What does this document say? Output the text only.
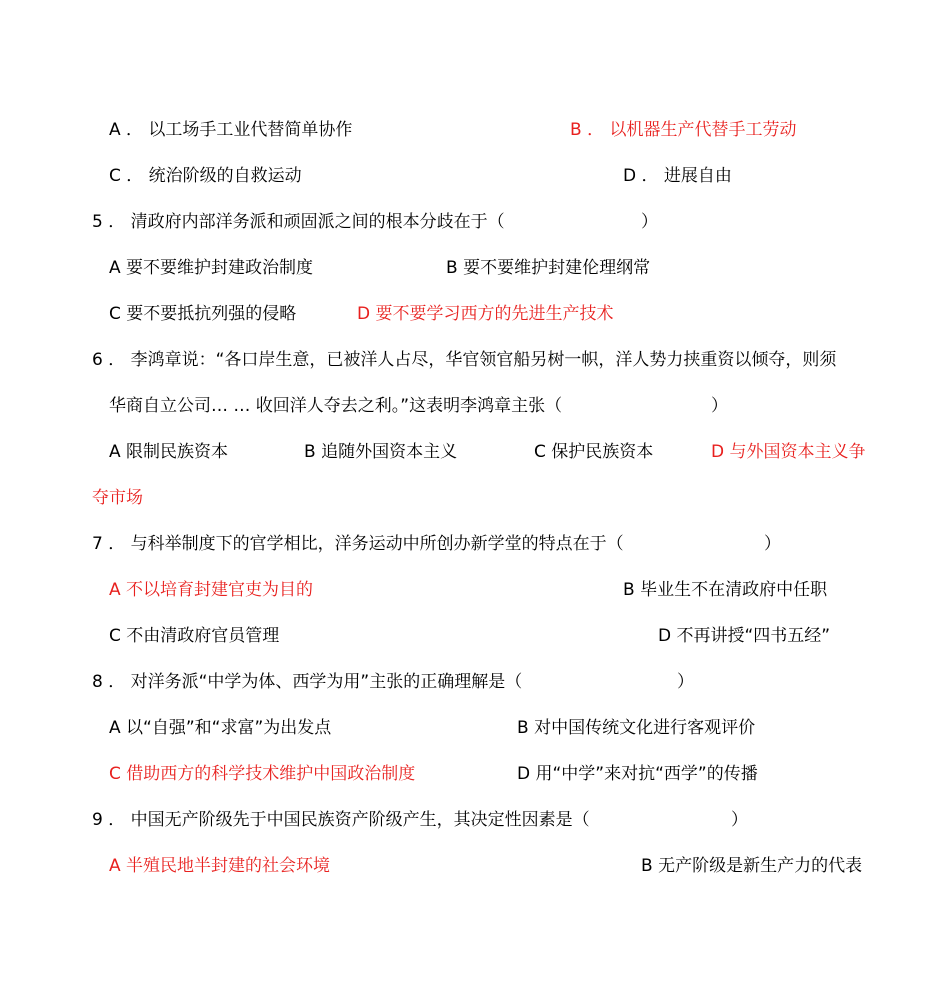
A ． 以工场手工业代替简单协作	B ． 以机器生产代替手工劳动
C ． 统治阶级的自救运动	D ． 进展自由
5 ． 清政府内部洋务派和顽固派之间的根本分歧在于（	）
A 要不要维护封建政治制度	B 要不要维护封建伦理纲常
C 要不要抵抗列强的侵略	D 要不要学习西方的先进生产技术
6 ． 李鸿章说：“各口岸生意，已被洋人占尽，华官领官船另树一帜，洋人势力挟重资以倾夺，则须
华商自立公司… … 收回洋人夺去之利。”这表明李鸿章主张（	）
A 限制民族资本	B 追随外国资本主义	C 保护民族资本	D 与外国资本主义争
夺市场
7 ． 与科举制度下的官学相比，洋务运动中所创办新学堂的特点在于（	）
A 不以培育封建官吏为目的	B 毕业生不在清政府中任职
C 不由清政府官员管理	D 不再讲授“四书五经”
8 ． 对洋务派“中学为体、西学为用”主张的正确理解是（	）
A 以“自强”和“求富”为出发点	B 对中国传统文化进行客观评价
C 借助西方的科学技术维护中国政治制度	D 用“中学”来对抗“西学”的传播
9 ． 中国无产阶级先于中国民族资产阶级产生，其决定性因素是（	）
A 半殖民地半封建的社会环境	B 无产阶级是新生产力的代表
